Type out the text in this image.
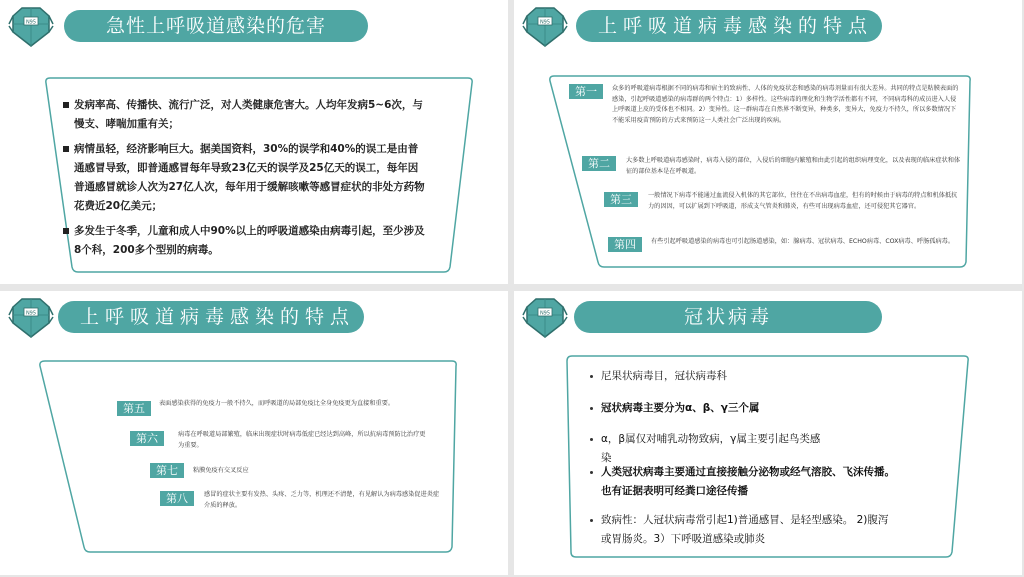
N95	急性上呼吸道感染的危害
发病率高、传播快、流行广泛，对人类健康危害大。人均年发病5~6次，与慢支、哮喘加重有关；
病情虽轻，经济影响巨大。据美国资料，30%的误学和40%的误工是由普通感冒导致，即普通感冒每年导致23亿天的误学及25亿天的误工，每年因普通感冒就诊人次为27亿人次，每年用于缓解咳嗽等感冒症状的非处方药物花费近20亿美元；
多发生于冬季，儿童和成人中90%以上的呼吸道感染由病毒引起，至少涉及8个科，200多个型别的病毒。
N95	上呼吸道病毒感染的特点
第一	众多的呼吸道病毒根据不同的病毒和宿主的致病性、人体的免疫状态和感染的病毒剂量而有很大差异。共同的特点是粘膜表面的感染，引起呼吸道感染的病毒群的两个特点：1）多样性。这些病毒的理化和生物学活性都有不同，不同病毒科的成员进入人侵上呼吸道上皮的受体也不相同。2）变异性。这一群病毒在自然界不断变异，种类多，变异大，免疫力不持久，所以多数情况下不能采用疫苗预防的方式来预防这一人类社会广泛出现的疾病。
第二	大多数上呼吸道病毒感染时，病毒入侵的部位，入侵后的细胞内繁殖和由此引起的组织病理变化，以及表现的临床症状和体征的部位基本是在呼吸道。
第三	一般情况下病毒不能通过血流侵入机体的其它部位，往往在不出病毒血症，但有的时候由于病毒的特点和机体抵抗力的因因，可以扩展到下呼吸道，形成支气管炎和肺炎，有些可出现病毒血症，还可侵犯其它器官。
第四	有些引起呼吸道感染的病毒也可引起肠道感染，如：腺病毒、冠状病毒、ECHO病毒、COX病毒、呼肠孤病毒。
N95	上呼吸道病毒感染的特点
第五	表面感染获得的免疫力一般不持久，而呼吸道的局部免疫比全身免疫更为直接和重要。
第六	病毒在呼吸道局部繁殖，临床出现症状时病毒低症已经达到高峰，所以抗病毒预防比治疗更为重要。
第七	粘膜免疫有交叉反应
第八	感冒的症状主要有发热、头疼、乏力等，机理还不清楚，有见解认为病毒感染促进炎症介质的释放。
N95	冠状病毒
尼果状病毒目，冠状病毒科
冠状病毒主要分为α、β、γ三个属
α，β属仅对哺乳动物致病，γ属主要引起鸟类感
染
人类冠状病毒主要通过直接接触分泌物或经气溶胶、飞沫传播。
也有证据表明可经粪口途径传播
致病性：人冠状病毒常引起1)普通感冒、是轻型感染。 2)腹泻
或胃肠炎。3）下呼吸道感染或肺炎
